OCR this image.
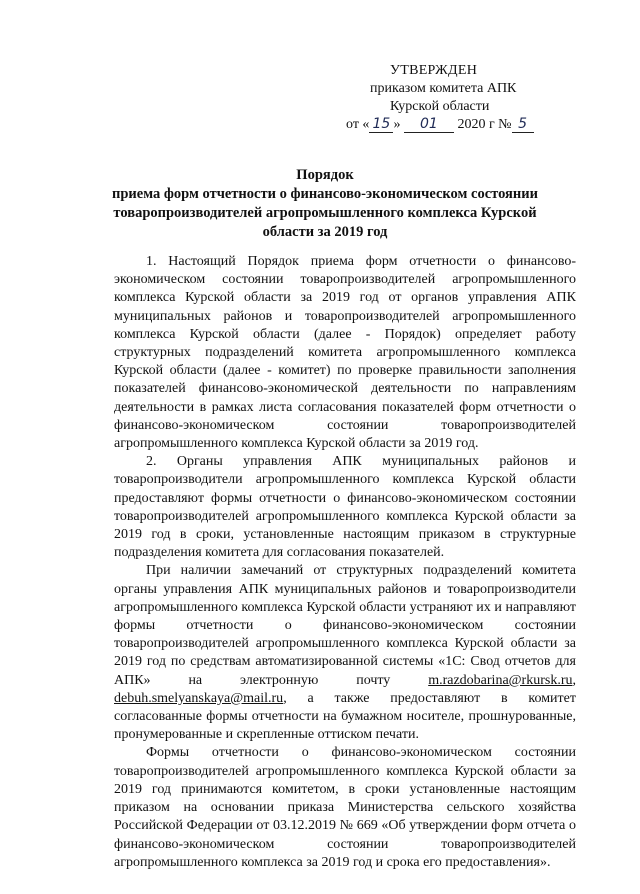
УТВЕРЖДЕН
приказом комитета АПК
Курской области
от « 15 » 01 2020 г № 5
Порядок
приема форм отчетности о финансово-экономическом состоянии товаропроизводителей агропромышленного комплекса Курской области за 2019 год

1. Настоящий Порядок приема форм отчетности о финансово-экономическом состоянии товаропроизводителей агропромышленного комплекса Курской области за 2019 год от органов управления АПК муниципальных районов и товаропроизводителей агропромышленного комплекса Курской области (далее - Порядок) определяет работу структурных подразделений комитета агропромышленного комплекса Курской области (далее - комитет) по проверке правильности заполнения показателей финансово-экономической деятельности по направлениям деятельности в рамках листа согласования показателей форм отчетности о финансово-экономическом состоянии товаропроизводителей агропромышленного комплекса Курской области за 2019 год.

2. Органы управления АПК муниципальных районов и товаропроизводители агропромышленного комплекса Курской области предоставляют формы отчетности о финансово-экономическом состоянии товаропроизводителей агропромышленного комплекса Курской области за 2019 год в сроки, установленные настоящим приказом в структурные подразделения комитета для согласования показателей.

При наличии замечаний от структурных подразделений комитета органы управления АПК муниципальных районов и товаропроизводители агропромышленного комплекса Курской области устраняют их и направляют формы отчетности о финансово-экономическом состоянии товаропроизводителей агропромышленного комплекса Курской области за 2019 год по средствам автоматизированной системы «1С: Свод отчетов для АПК» на электронную почту m.razdobarina@rkursk.ru, debuh.smelyanskaya@mail.ru, а также предоставляют в комитет согласованные формы отчетности на бумажном носителе, прошнурованные, пронумерованные и скрепленные оттиском печати.

Формы отчетности о финансово-экономическом состоянии товаропроизводителей агропромышленного комплекса Курской области за 2019 год принимаются комитетом, в сроки установленные настоящим приказом на основании приказа Министерства сельского хозяйства Российской Федерации от 03.12.2019 № 669 «Об утверждении форм отчета о финансово-экономическом состоянии товаропроизводителей агропромышленного комплекса за 2019 год и срока его предоставления».
